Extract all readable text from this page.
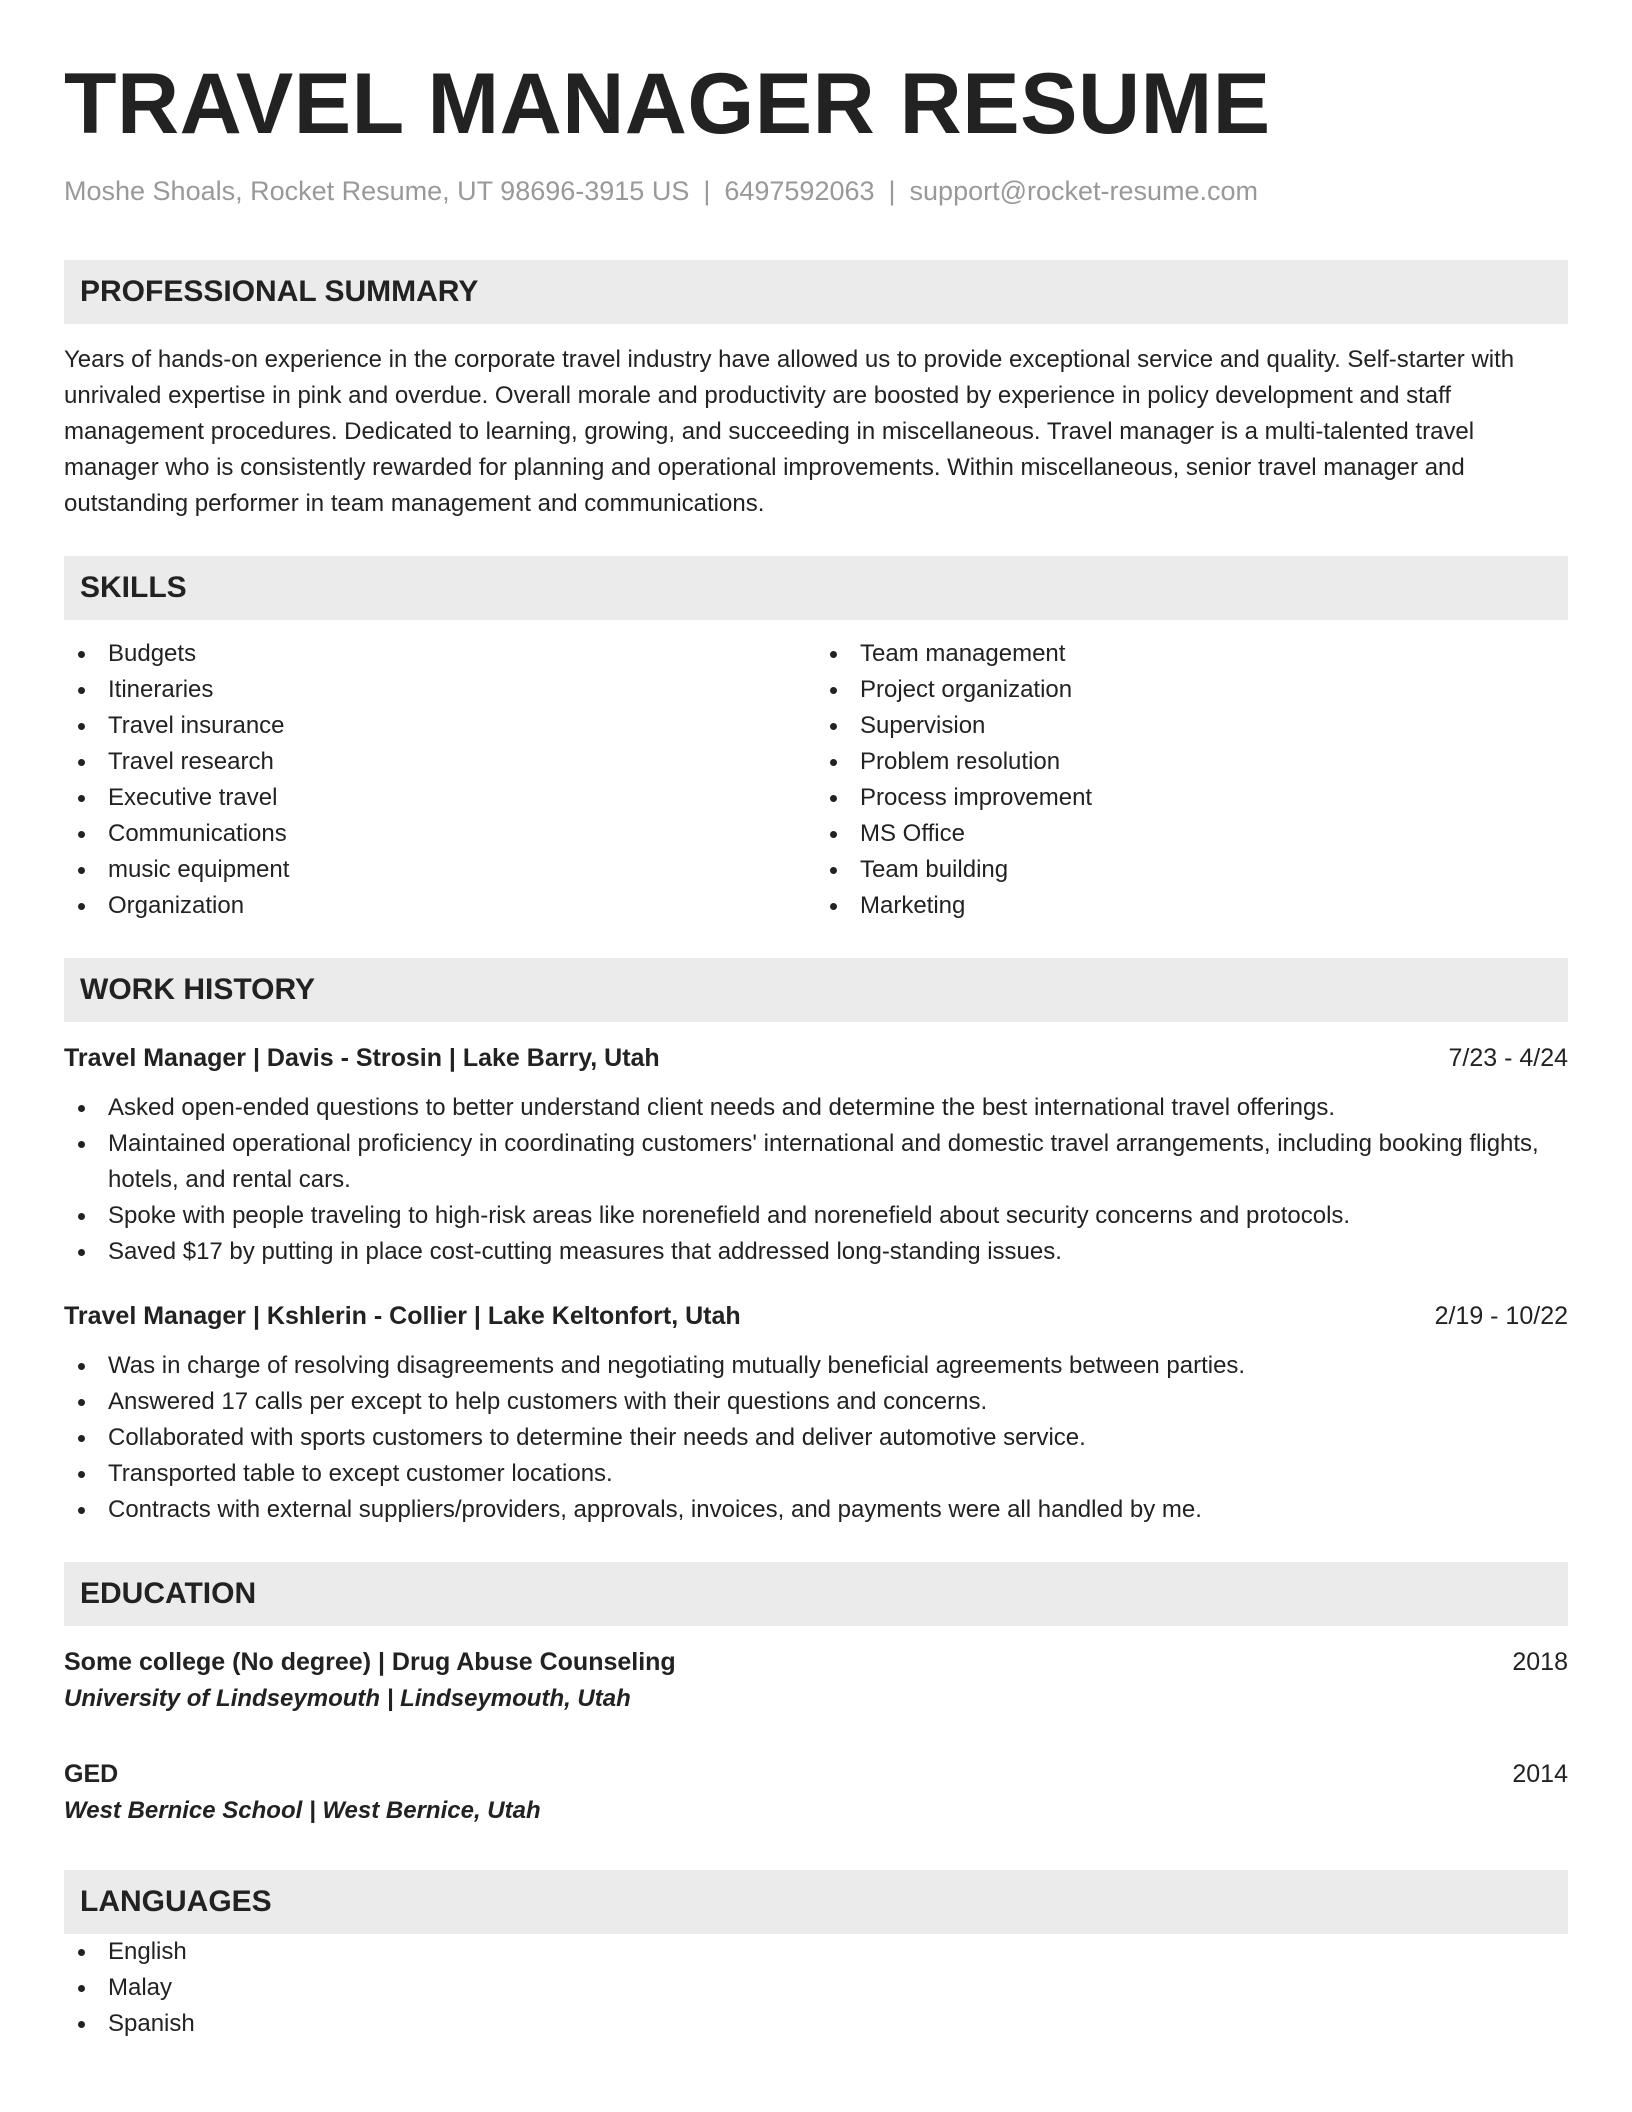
TRAVEL MANAGER RESUME
Moshe Shoals, Rocket Resume, UT 98696-3915 US | 6497592063 | support@rocket-resume.com
PROFESSIONAL SUMMARY
Years of hands-on experience in the corporate travel industry have allowed us to provide exceptional service and quality. Self-starter with unrivaled expertise in pink and overdue. Overall morale and productivity are boosted by experience in policy development and staff management procedures. Dedicated to learning, growing, and succeeding in miscellaneous. Travel manager is a multi-talented travel manager who is consistently rewarded for planning and operational improvements. Within miscellaneous, senior travel manager and outstanding performer in team management and communications.
SKILLS
Budgets
Itineraries
Travel insurance
Travel research
Executive travel
Communications
music equipment
Organization
Team management
Project organization
Supervision
Problem resolution
Process improvement
MS Office
Team building
Marketing
WORK HISTORY
Travel Manager | Davis - Strosin | Lake Barry, Utah	7/23 - 4/24
Asked open-ended questions to better understand client needs and determine the best international travel offerings.
Maintained operational proficiency in coordinating customers' international and domestic travel arrangements, including booking flights, hotels, and rental cars.
Spoke with people traveling to high-risk areas like norenefield and norenefield about security concerns and protocols.
Saved $17 by putting in place cost-cutting measures that addressed long-standing issues.
Travel Manager | Kshlerin - Collier | Lake Keltonfort, Utah	2/19 - 10/22
Was in charge of resolving disagreements and negotiating mutually beneficial agreements between parties.
Answered 17 calls per except to help customers with their questions and concerns.
Collaborated with sports customers to determine their needs and deliver automotive service.
Transported table to except customer locations.
Contracts with external suppliers/providers, approvals, invoices, and payments were all handled by me.
EDUCATION
Some college (No degree) | Drug Abuse Counseling	2018
University of Lindseymouth | Lindseymouth, Utah
GED	2014
West Bernice School | West Bernice, Utah
LANGUAGES
English
Malay
Spanish
